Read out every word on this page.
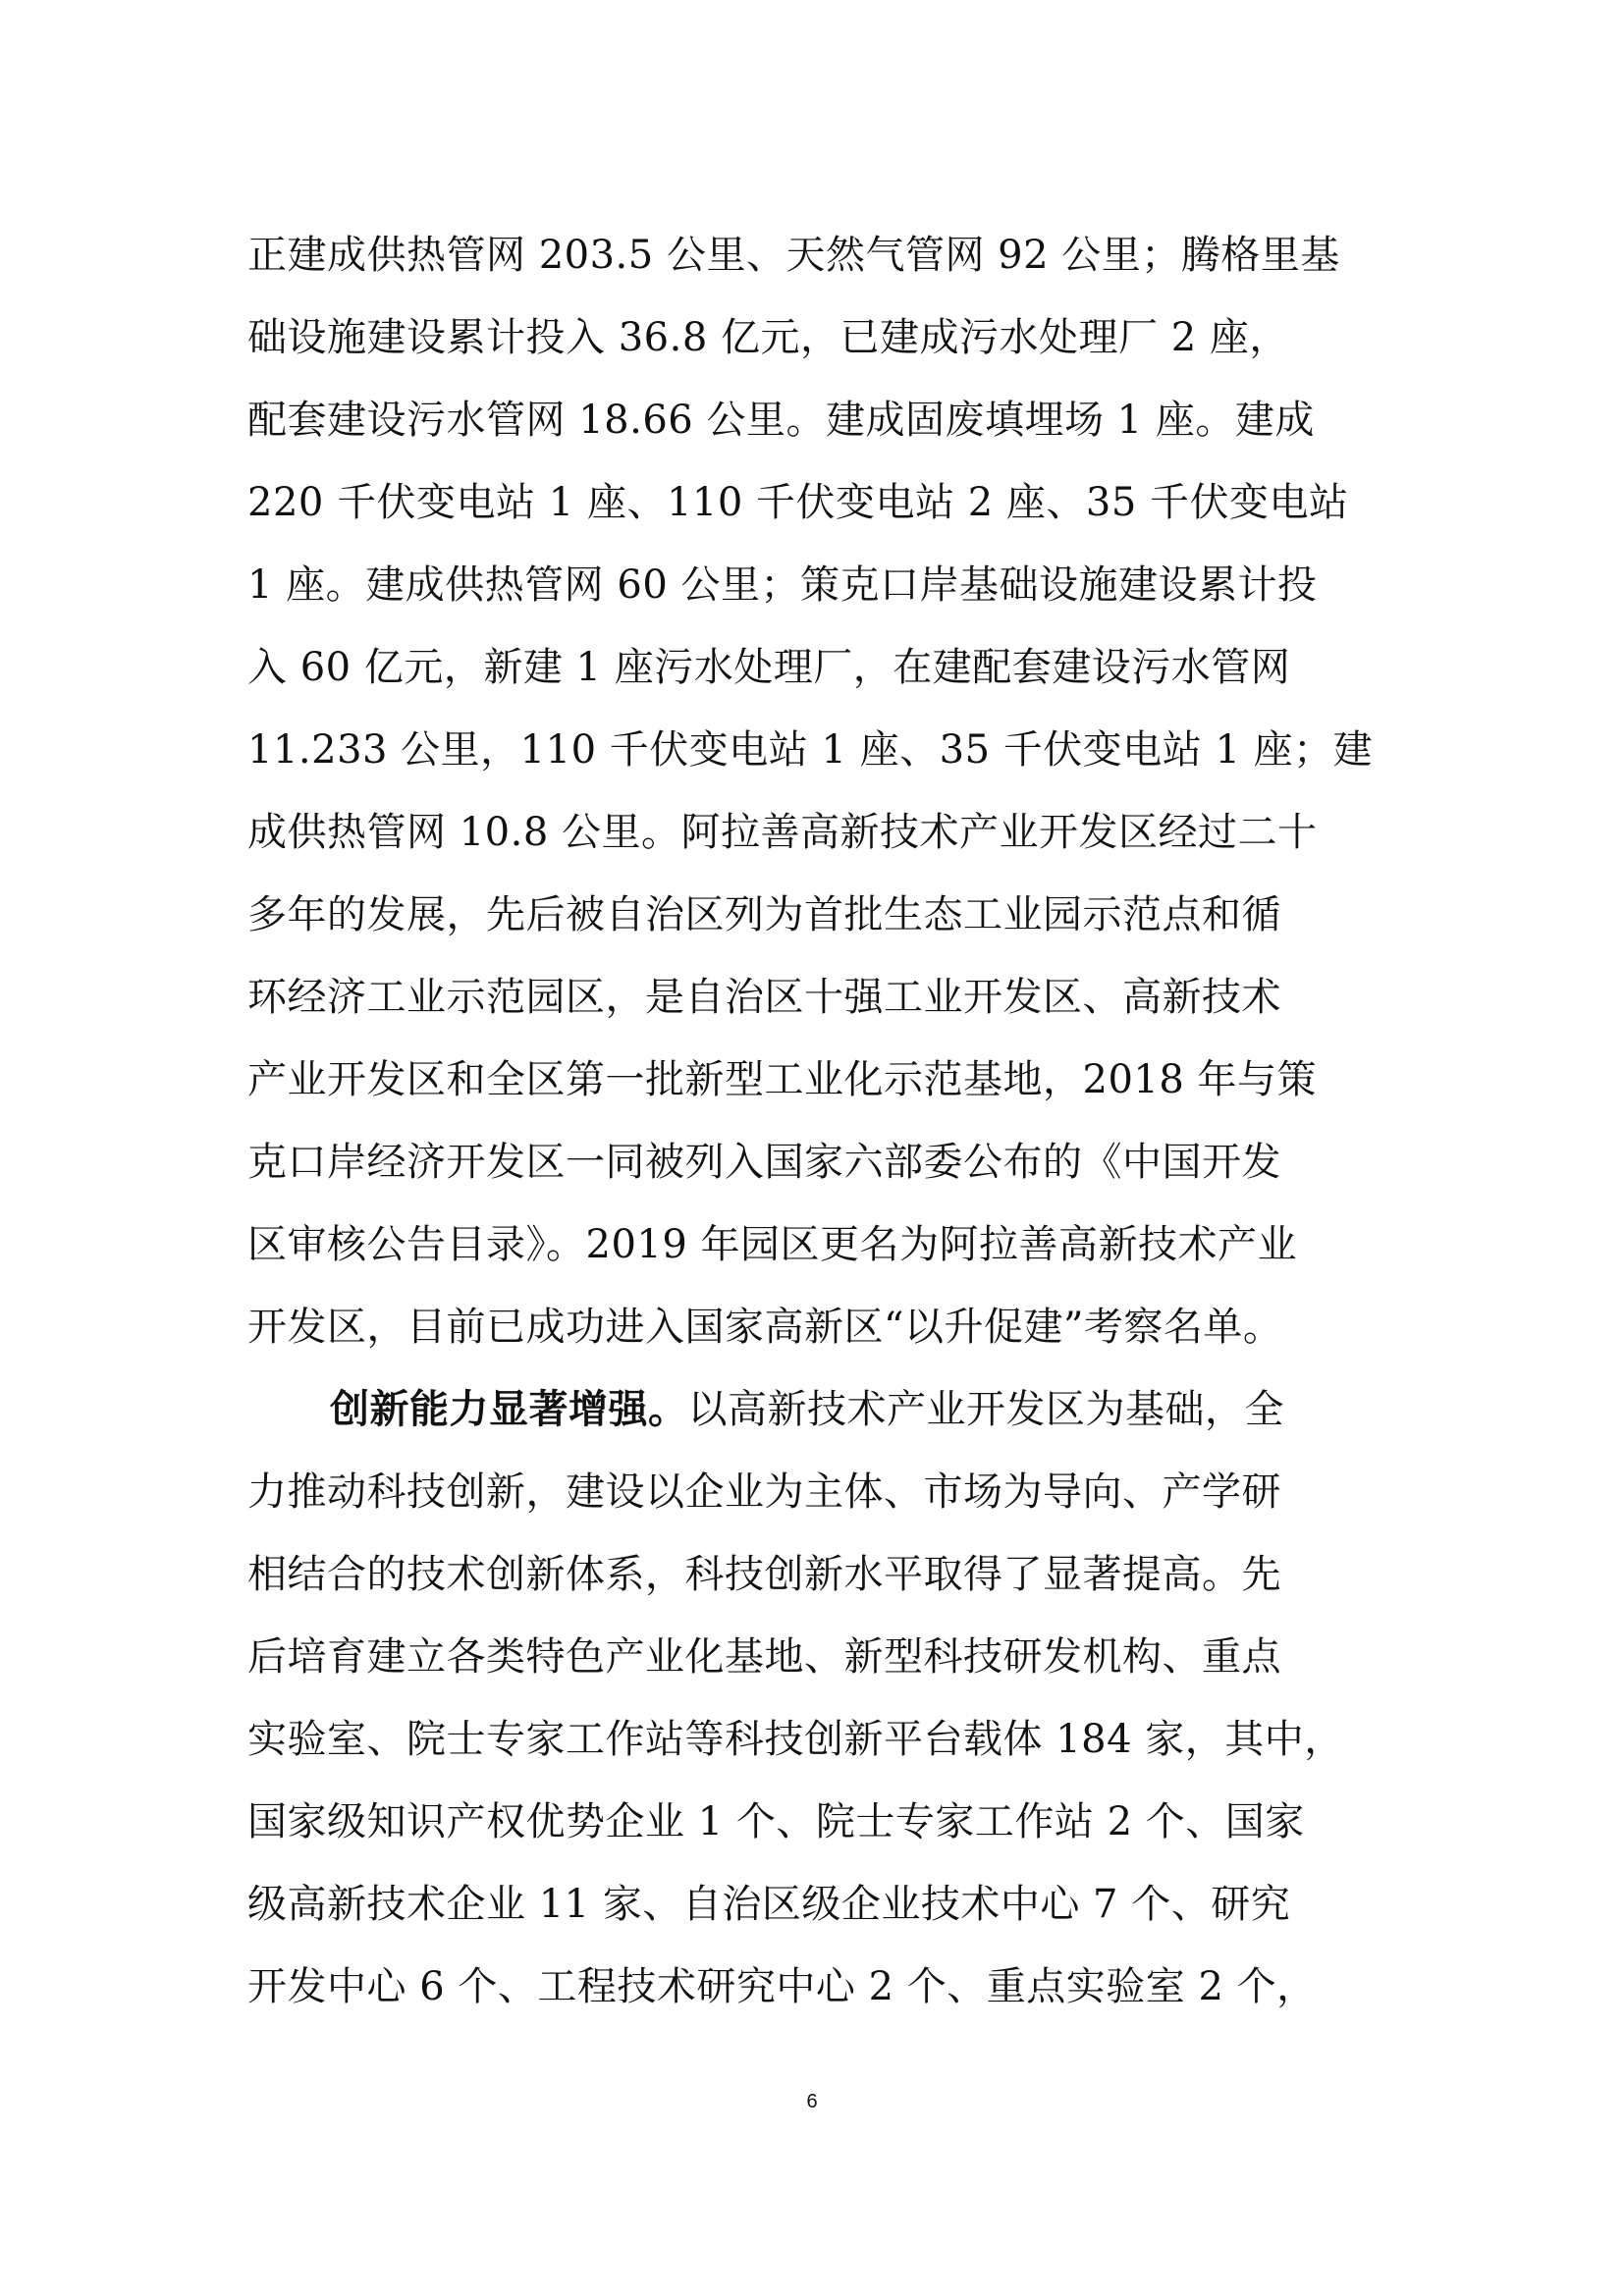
正建成供热管网 203.5 公里、天然气管网 92 公里；腾格里基
础设施建设累计投入 36.8 亿元，已建成污水处理厂 2 座，
配套建设污水管网 18.66 公里。建成固废填埋场 1 座。建成
220 千伏变电站 1 座、110 千伏变电站 2 座、35 千伏变电站
1 座。建成供热管网 60 公里；策克口岸基础设施建设累计投
入 60 亿元，新建 1 座污水处理厂，在建配套建设污水管网
11.233 公里，110 千伏变电站 1 座、35 千伏变电站 1 座；建
成供热管网 10.8 公里。阿拉善高新技术产业开发区经过二十
多年的发展，先后被自治区列为首批生态工业园示范点和循
环经济工业示范园区，是自治区十强工业开发区、高新技术
产业开发区和全区第一批新型工业化示范基地，2018 年与策
克口岸经济开发区一同被列入国家六部委公布的《中国开发
区审核公告目录》。2019 年园区更名为阿拉善高新技术产业
开发区，目前已成功进入国家高新区“以升促建”考察名单。
创新能力显著增强。以高新技术产业开发区为基础，全
力推动科技创新，建设以企业为主体、市场为导向、产学研
相结合的技术创新体系，科技创新水平取得了显著提高。先
后培育建立各类特色产业化基地、新型科技研发机构、重点
实验室、院士专家工作站等科技创新平台载体 184 家，其中，
国家级知识产权优势企业 1 个、院士专家工作站 2 个、国家
级高新技术企业 11 家、自治区级企业技术中心 7 个、研究
开发中心 6 个、工程技术研究中心 2 个、重点实验室 2 个，
6
